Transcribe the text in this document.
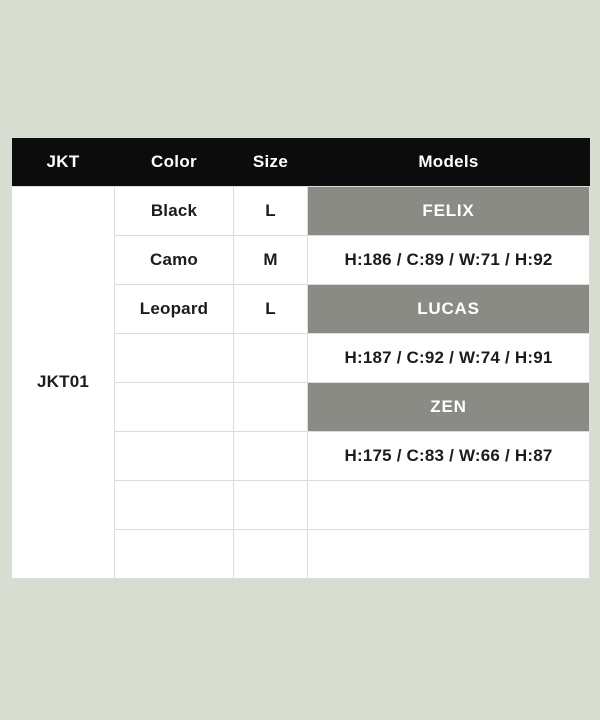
JKT	Color	Size	Models
JKT01	Black	L	FELIX
	Camo	M	H:186 / C:89 / W:71 / H:92
	Leopard	L	LUCAS
			H:187 / C:92 / W:74 / H:91
			ZEN
			H:175 / C:83 / W:66 / H:87
